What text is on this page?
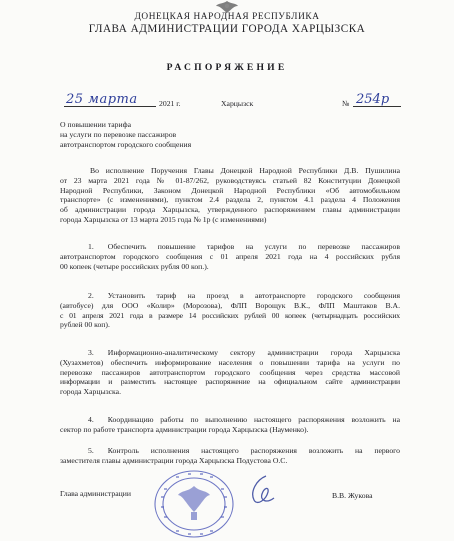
ДОНЕЦКАЯ НАРОДНАЯ РЕСПУБЛИКА
ГЛАВА АДМИНИСТРАЦИИ ГОРОДА ХАРЦЫЗСКА
РАСПОРЯЖЕНИЕ
25 марта	2021 г.	Харцызск	№ 254р
О повышении тарифа
на услуги по перевозке пассажиров
автотранспортом городского сообщения
Во исполнение Поручения Главы Донецкой Народной Республики Д.В. Пушилина
от 23 марта 2021 года № 01-87/262, руководствуясь статьей 82 Конституции Донецкой
Народной Республики, Законом Донецкой Народной Республики «Об автомобильном
транспорте» (с изменениями), пунктом 2.4 раздела 2, пунктом 4.1 раздела 4 Положения
об администрации города Харцызска, утвержденного распоряжением главы администрации
города Харцызска от 13 марта 2015 года № 1р (с изменениями)
1. Обеспечить повышение тарифов на услуги по перевозке пассажиров
автотранспортом городского сообщения с 01 апреля 2021 года на 4 российских рубля
00 копеек (четыре российских рубля 00 коп.).
2. Установить тариф на проезд в автотранспорте городского сообщения
(автобусе) для ООО «Колир» (Морозова), ФЛП Ворощук В.К., ФЛП Маштаков В.А.
с 01 апреля 2021 года в размере 14 российских рублей 00 копеек (четырнадцать российских
рублей 00 коп).
3. Информационно-аналитическому сектору администрации города Харцызска
(Хузахметов) обеспечить информирование населения о повышении тарифа на услуги по
перевозке пассажиров автотранспортом городского сообщения через средства массовой
информации и разместить настоящее распоряжение на официальном сайте администрации
города Харцызска.
4. Координацию работы по выполнению настоящего распоряжения возложить на
сектор по работе транспорта администрации города Харцызска (Науменко).
5. Контроль исполнения настоящего распоряжения возложить на первого
заместителя главы администрации города Харцызска Подустова О.С.
Глава администрации	В.В. Жукова
